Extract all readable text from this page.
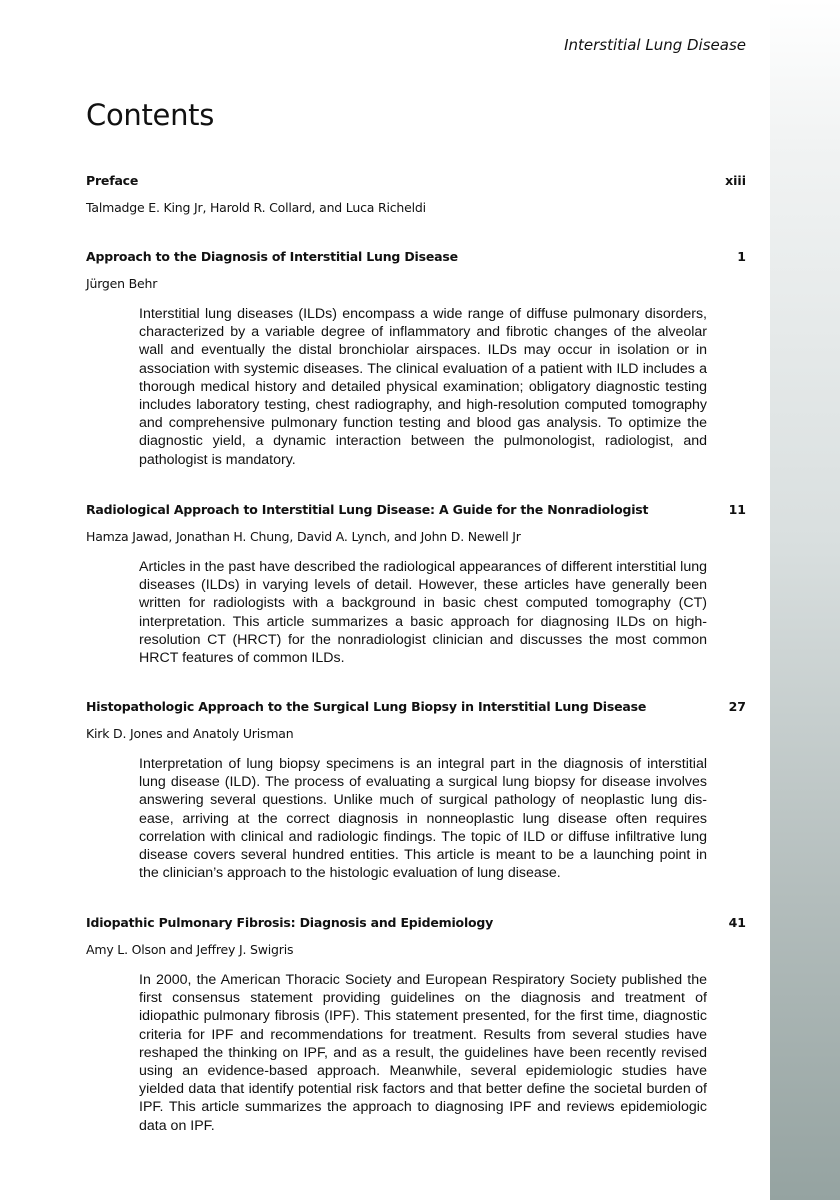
Interstitial Lung Disease
Contents
Preface	xiii
Talmadge E. King Jr, Harold R. Collard, and Luca Richeldi
Approach to the Diagnosis of Interstitial Lung Disease	1
Jürgen Behr
Interstitial lung diseases (ILDs) encompass a wide range of diffuse pulmonary disorders, characterized by a variable degree of inflammatory and fibrotic changes of the alveolar wall and eventually the distal bronchiolar airspaces. ILDs may occur in isolation or in association with systemic diseases. The clinical evaluation of a patient with ILD includes a thorough medical history and detailed physical examination; obligatory diagnostic testing includes laboratory testing, chest radiography, and high-resolution computed tomography and comprehensive pulmonary function testing and blood gas analysis. To optimize the diagnostic yield, a dynamic interaction between the pulmonologist, radiologist, and pathologist is mandatory.
Radiological Approach to Interstitial Lung Disease: A Guide for the Nonradiologist	11
Hamza Jawad, Jonathan H. Chung, David A. Lynch, and John D. Newell Jr
Articles in the past have described the radiological appearances of different interstitial lung diseases (ILDs) in varying levels of detail. However, these articles have generally been written for radiologists with a background in basic chest computed tomography (CT) interpretation. This article summarizes a basic approach for diagnosing ILDs on high-resolution CT (HRCT) for the nonradiologist clinician and discusses the most common HRCT features of common ILDs.
Histopathologic Approach to the Surgical Lung Biopsy in Interstitial Lung Disease	27
Kirk D. Jones and Anatoly Urisman
Interpretation of lung biopsy specimens is an integral part in the diagnosis of interstitial lung disease (ILD). The process of evaluating a surgical lung biopsy for disease involves answering several questions. Unlike much of surgical pathology of neoplastic lung disease, arriving at the correct diagnosis in nonneoplastic lung disease often requires correlation with clinical and radiologic findings. The topic of ILD or diffuse infiltrative lung disease covers several hundred entities. This article is meant to be a launching point in the clinician’s approach to the histologic evaluation of lung disease.
Idiopathic Pulmonary Fibrosis: Diagnosis and Epidemiology	41
Amy L. Olson and Jeffrey J. Swigris
In 2000, the American Thoracic Society and European Respiratory Society published the first consensus statement providing guidelines on the diagnosis and treatment of idiopathic pulmonary fibrosis (IPF). This statement presented, for the first time, diagnostic criteria for IPF and recommendations for treatment. Results from several studies have reshaped the thinking on IPF, and as a result, the guidelines have been recently revised using an evidence-based approach. Meanwhile, several epidemiologic studies have yielded data that identify potential risk factors and that better define the societal burden of IPF. This article summarizes the approach to diagnosing IPF and reviews epidemiologic data on IPF.
